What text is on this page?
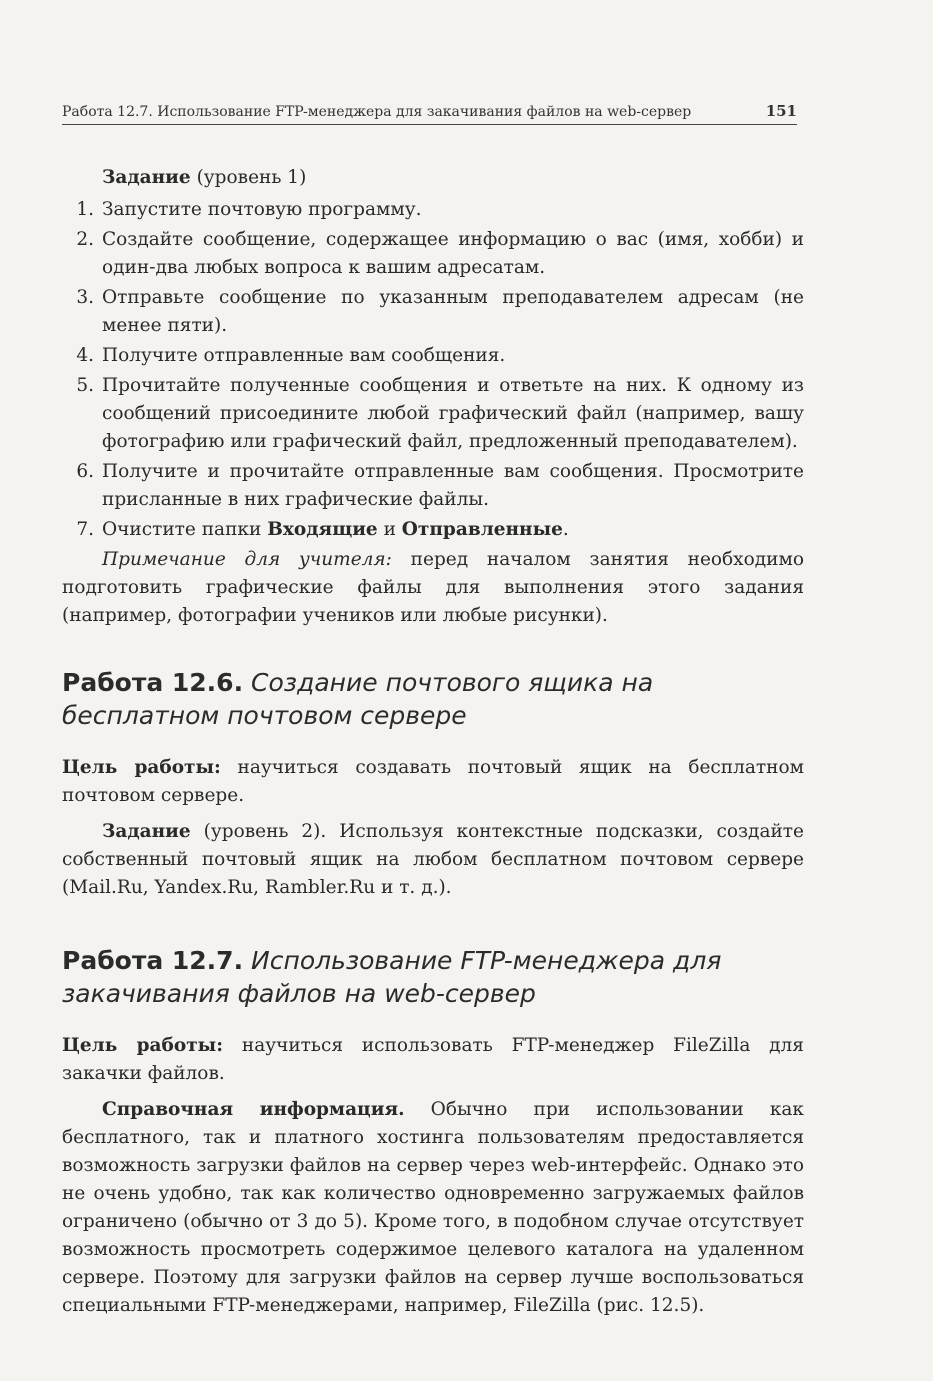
Работа 12.7. Использование FTP-менеджера для закачивания файлов на web-сервер	151

Задание (уровень 1)

1. Запустите почтовую программу.
2. Создайте сообщение, содержащее информацию о вас (имя, хобби) и один-два любых вопроса к вашим адресатам.
3. Отправьте сообщение по указанным преподавателем адресам (не менее пяти).
4. Получите отправленные вам сообщения.
5. Прочитайте полученные сообщения и ответьте на них. К одному из сообщений присоедините любой графический файл (например, вашу фотографию или графический файл, предложенный преподавателем).
6. Получите и прочитайте отправленные вам сообщения. Просмотрите присланные в них графические файлы.
7. Очистите папки Входящие и Отправленные.

Примечание для учителя: перед началом занятия необходимо подготовить графические файлы для выполнения этого задания (например, фотографии учеников или любые рисунки).

Работа 12.6. Создание почтового ящика на бесплатном почтовом сервере

Цель работы: научиться создавать почтовый ящик на бесплатном почтовом сервере.

Задание (уровень 2). Используя контекстные подсказки, создайте собственный почтовый ящик на любом бесплатном почтовом сервере (Mail.Ru, Yandex.Ru, Rambler.Ru и т. д.).

Работа 12.7. Использование FTP-менеджера для закачивания файлов на web-сервер

Цель работы: научиться использовать FTP-менеджер FileZilla для закачки файлов.

Справочная информация. Обычно при использовании как бесплатного, так и платного хостинга пользователям предоставляется возможность загрузки файлов на сервер через web-интерфейс. Однако это не очень удобно, так как количество одновременно загружаемых файлов ограничено (обычно от 3 до 5). Кроме того, в подобном случае отсутствует возможность просмотреть содержимое целевого каталога на удаленном сервере. Поэтому для загрузки файлов на сервер лучше воспользоваться специальными FTP-менеджерами, например, FileZilla (рис. 12.5).
